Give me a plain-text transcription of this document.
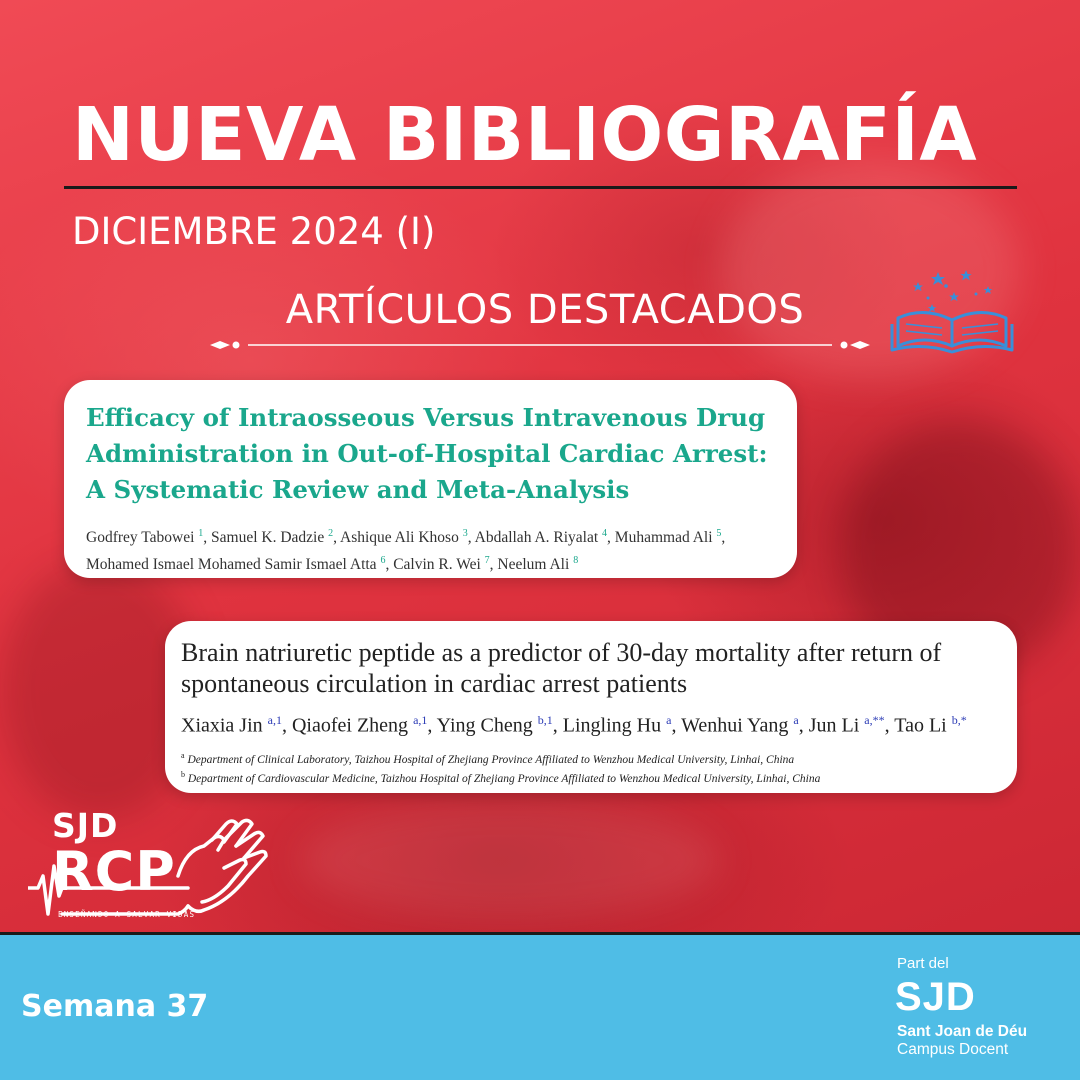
NUEVA BIBLIOGRAFÍA
DICIEMBRE 2024 (I)
ARTÍCULOS DESTACADOS
Efficacy of Intraosseous Versus Intravenous Drug
Administration in Out-of-Hospital Cardiac Arrest:
A Systematic Review and Meta-Analysis
Godfrey Tabowei $^1$, Samuel K. Dadzie $^2$, Ashique Ali Khoso $^3$, Abdallah A. Riyalat $^4$, Muhammad Ali $^5$,
Mohamed Ismael Mohamed Samir Ismael Atta $^6$, Calvin R. Wei $^7$, Neelum Ali $^8$
Brain natriuretic peptide as a predictor of 30-day mortality after return of
spontaneous circulation in cardiac arrest patients
Xiaxia Jin $^{a,1}$, Qiaofei Zheng $^{a,1}$, Ying Cheng $^{b,1}$, Lingling Hu $^a$, Wenhui Yang $^a$, Jun Li $^{a,**}$, Tao Li $^{b,*}$
$^a$ Department of Clinical Laboratory, Taizhou Hospital of Zhejiang Province Affiliated to Wenzhou Medical University, Linhai, China
$^b$ Department of Cardiovascular Medicine, Taizhou Hospital of Zhejiang Province Affiliated to Wenzhou Medical University, Linhai, China
SJD
RCP
ENSEÑANDO A SALVAR VIDAS
Semana 37
Part del
SJD
Sant Joan de Déu
Campus Docent
